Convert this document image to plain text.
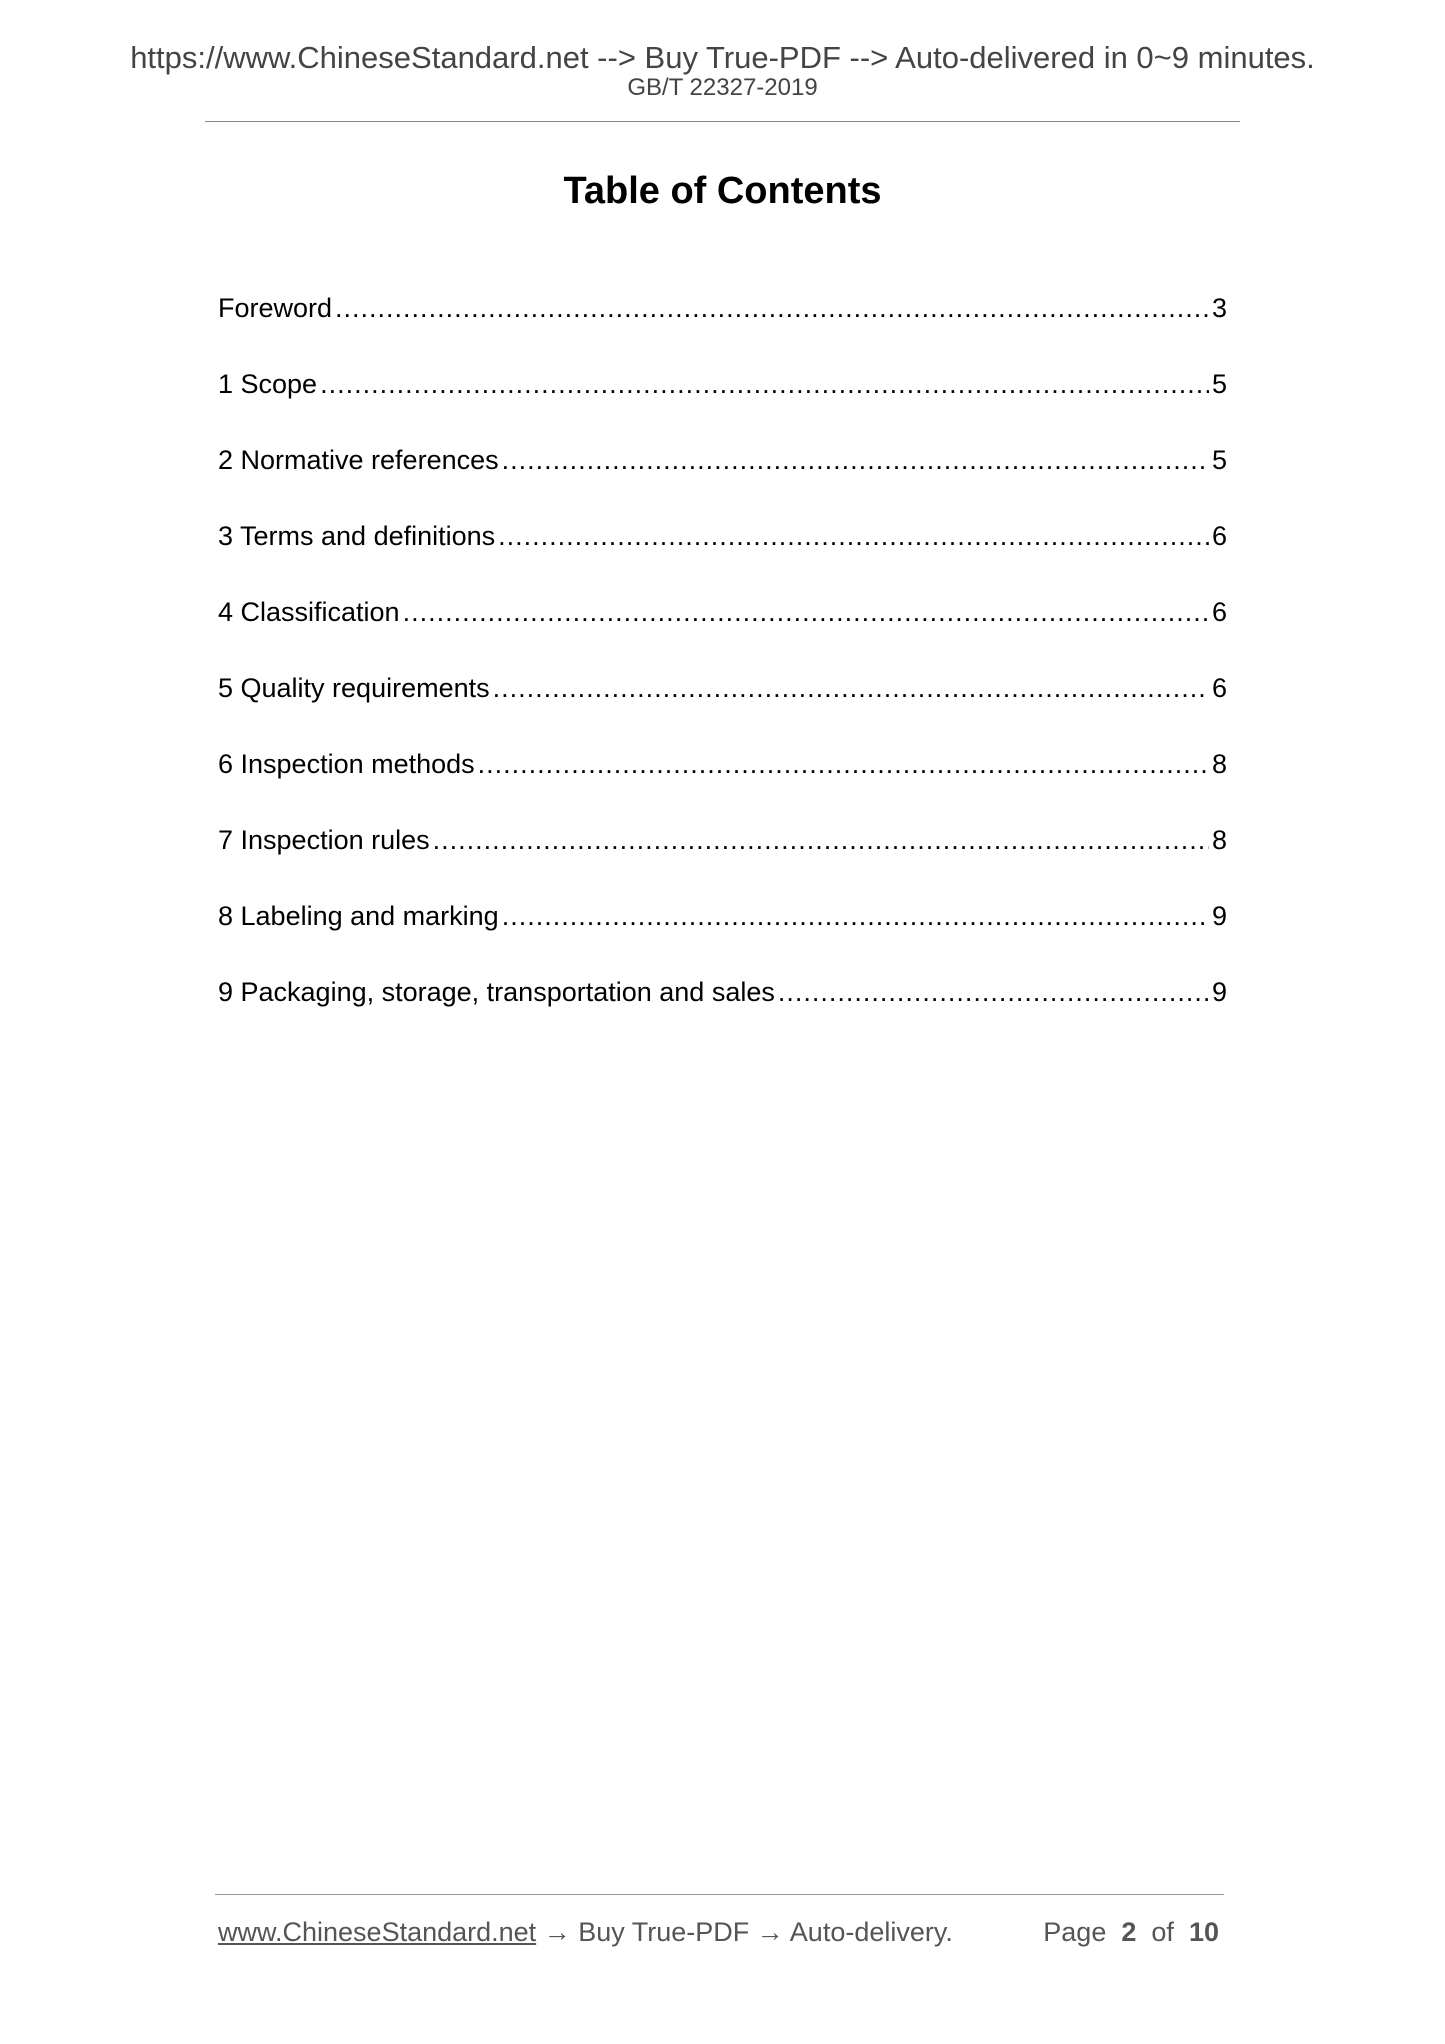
https://www.ChineseStandard.net --> Buy True-PDF --> Auto-delivered in 0~9 minutes.
GB/T 22327-2019
Table of Contents
Foreword .....	3
1 Scope .....	5
2 Normative references .....	5
3 Terms and definitions .....	6
4 Classification .....	6
5 Quality requirements .....	6
6 Inspection methods .....	8
7 Inspection rules .....	8
8 Labeling and marking .....	9
9 Packaging, storage, transportation and sales .....	9
www.ChineseStandard.net → Buy True-PDF → Auto-delivery.	Page 2 of 10
